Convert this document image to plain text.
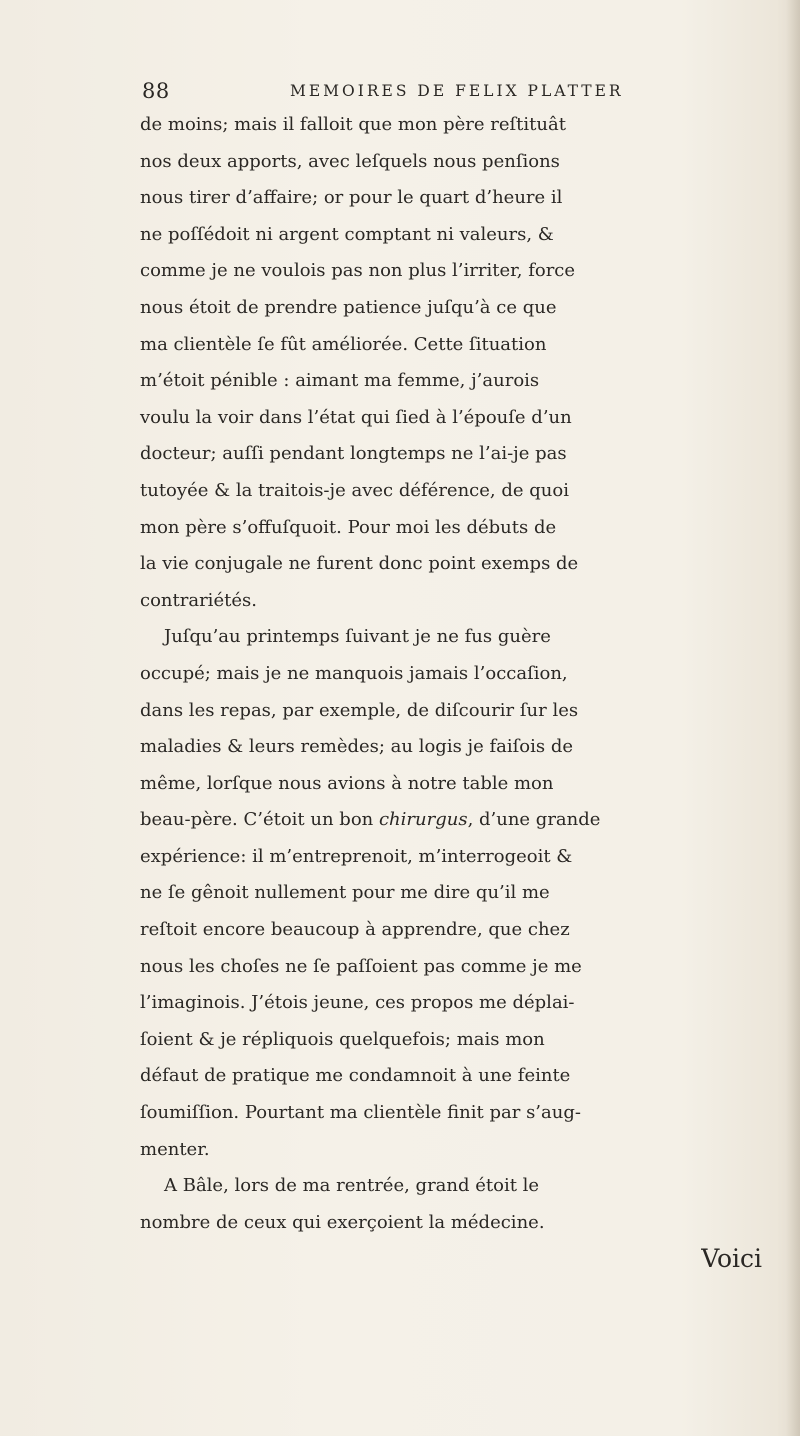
88	MEMOIRES DE FELIX PLATTER
de moins; mais il falloit que mon père reſtituât
nos deux apports, avec leſquels nous penſions
nous tirer d’affaire; or pour le quart d’heure il
ne poſſédoit ni argent comptant ni valeurs, &
comme je ne voulois pas non plus l’irriter, force
nous étoit de prendre patience juſqu’à ce que
ma clientèle ſe fût améliorée. Cette ſituation
m’étoit pénible : aimant ma femme, j’aurois
voulu la voir dans l’état qui ſied à l’épouſe d’un
docteur; auſſi pendant longtemps ne l’ai-je pas
tutoyée & la traitois-je avec déférence, de quoi
mon père s’offuſquoit. Pour moi les débuts de
la vie conjugale ne furent donc point exemps de
contrariétés.
Juſqu’au printemps ſuivant je ne fus guère
occupé; mais je ne manquois jamais l’occaſion,
dans les repas, par exemple, de diſcourir ſur les
maladies & leurs remèdes; au logis je faiſois de
même, lorſque nous avions à notre table mon
beau-père. C’étoit un bon chirurgus, d’une grande
expérience: il m’entreprenoit, m’interrogeoit &
ne ſe gênoit nullement pour me dire qu’il me
reſtoit encore beaucoup à apprendre, que chez
nous les choſes ne ſe paſſoient pas comme je me
l’imaginois. J’étois jeune, ces propos me déplai-
ſoient & je répliquois quelquefois; mais mon
défaut de pratique me condamnoit à une feinte
ſoumiſſion. Pourtant ma clientèle finit par s’aug-
menter.
A Bâle, lors de ma rentrée, grand étoit le
nombre de ceux qui exerçoient la médecine.
Voici
